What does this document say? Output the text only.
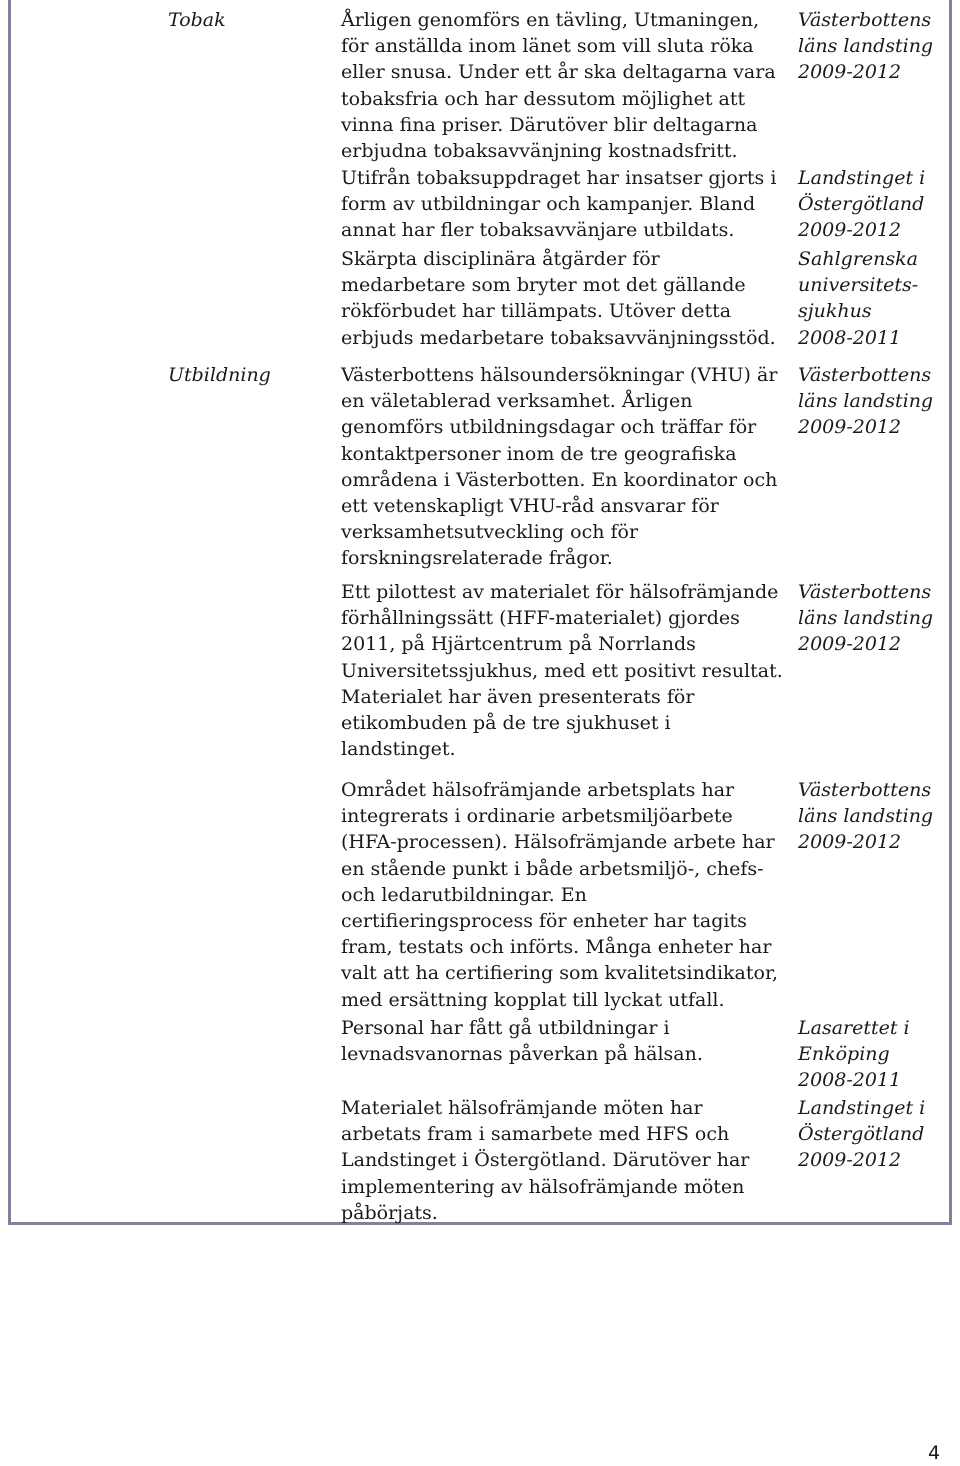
Tobak
Utbildning
Årligen genomförs en tävling, Utmaningen,
för anställda inom länet som vill sluta röka
eller snusa. Under ett år ska deltagarna vara
tobaksfria och har dessutom möjlighet att
vinna fina priser. Därutöver blir deltagarna
erbjudna tobaksavvänjning kostnadsfritt.
Västerbottens
läns landsting
2009-2012
Utifrån tobaksuppdraget har insatser gjorts i
form av utbildningar och kampanjer. Bland
annat har fler tobaksavvänjare utbildats.
Landstinget i
Östergötland
2009-2012
Skärpta disciplinära åtgärder för
medarbetare som bryter mot det gällande
rökförbudet har tillämpats. Utöver detta
erbjuds medarbetare tobaksavvänjningsstöd.
Sahlgrenska
universitets-
sjukhus
2008-2011
Västerbottens hälsoundersökningar (VHU) är
en väletablerad verksamhet. Årligen
genomförs utbildningsdagar och träffar för
kontaktpersoner inom de tre geografiska
områdena i Västerbotten. En koordinator och
ett vetenskapligt VHU-råd ansvarar för
verksamhetsutveckling och för
forskningsrelaterade frågor.
Västerbottens
läns landsting
2009-2012
Ett pilottest av materialet för hälsofrämjande
förhållningssätt (HFF-materialet) gjordes
2011, på Hjärtcentrum på Norrlands
Universitetssjukhus, med ett positivt resultat.
Materialet har även presenterats för
etikombuden på de tre sjukhuset i
landstinget.
Västerbottens
läns landsting
2009-2012
Området hälsofrämjande arbetsplats har
integrerats i ordinarie arbetsmiljöarbete
(HFA-processen). Hälsofrämjande arbete har
en stående punkt i både arbetsmiljö-, chefs-
och ledarutbildningar. En
certifieringsprocess för enheter har tagits
fram, testats och införts. Många enheter har
valt att ha certifiering som kvalitetsindikator,
med ersättning kopplat till lyckat utfall.
Västerbottens
läns landsting
2009-2012
Personal har fått gå utbildningar i
levnadsvanornas påverkan på hälsan.
Lasarettet i
Enköping
2008-2011
Materialet hälsofrämjande möten har
arbetats fram i samarbete med HFS och
Landstinget i Östergötland. Därutöver har
implementering av hälsofrämjande möten
påbörjats.
Landstinget i
Östergötland
2009-2012
4
